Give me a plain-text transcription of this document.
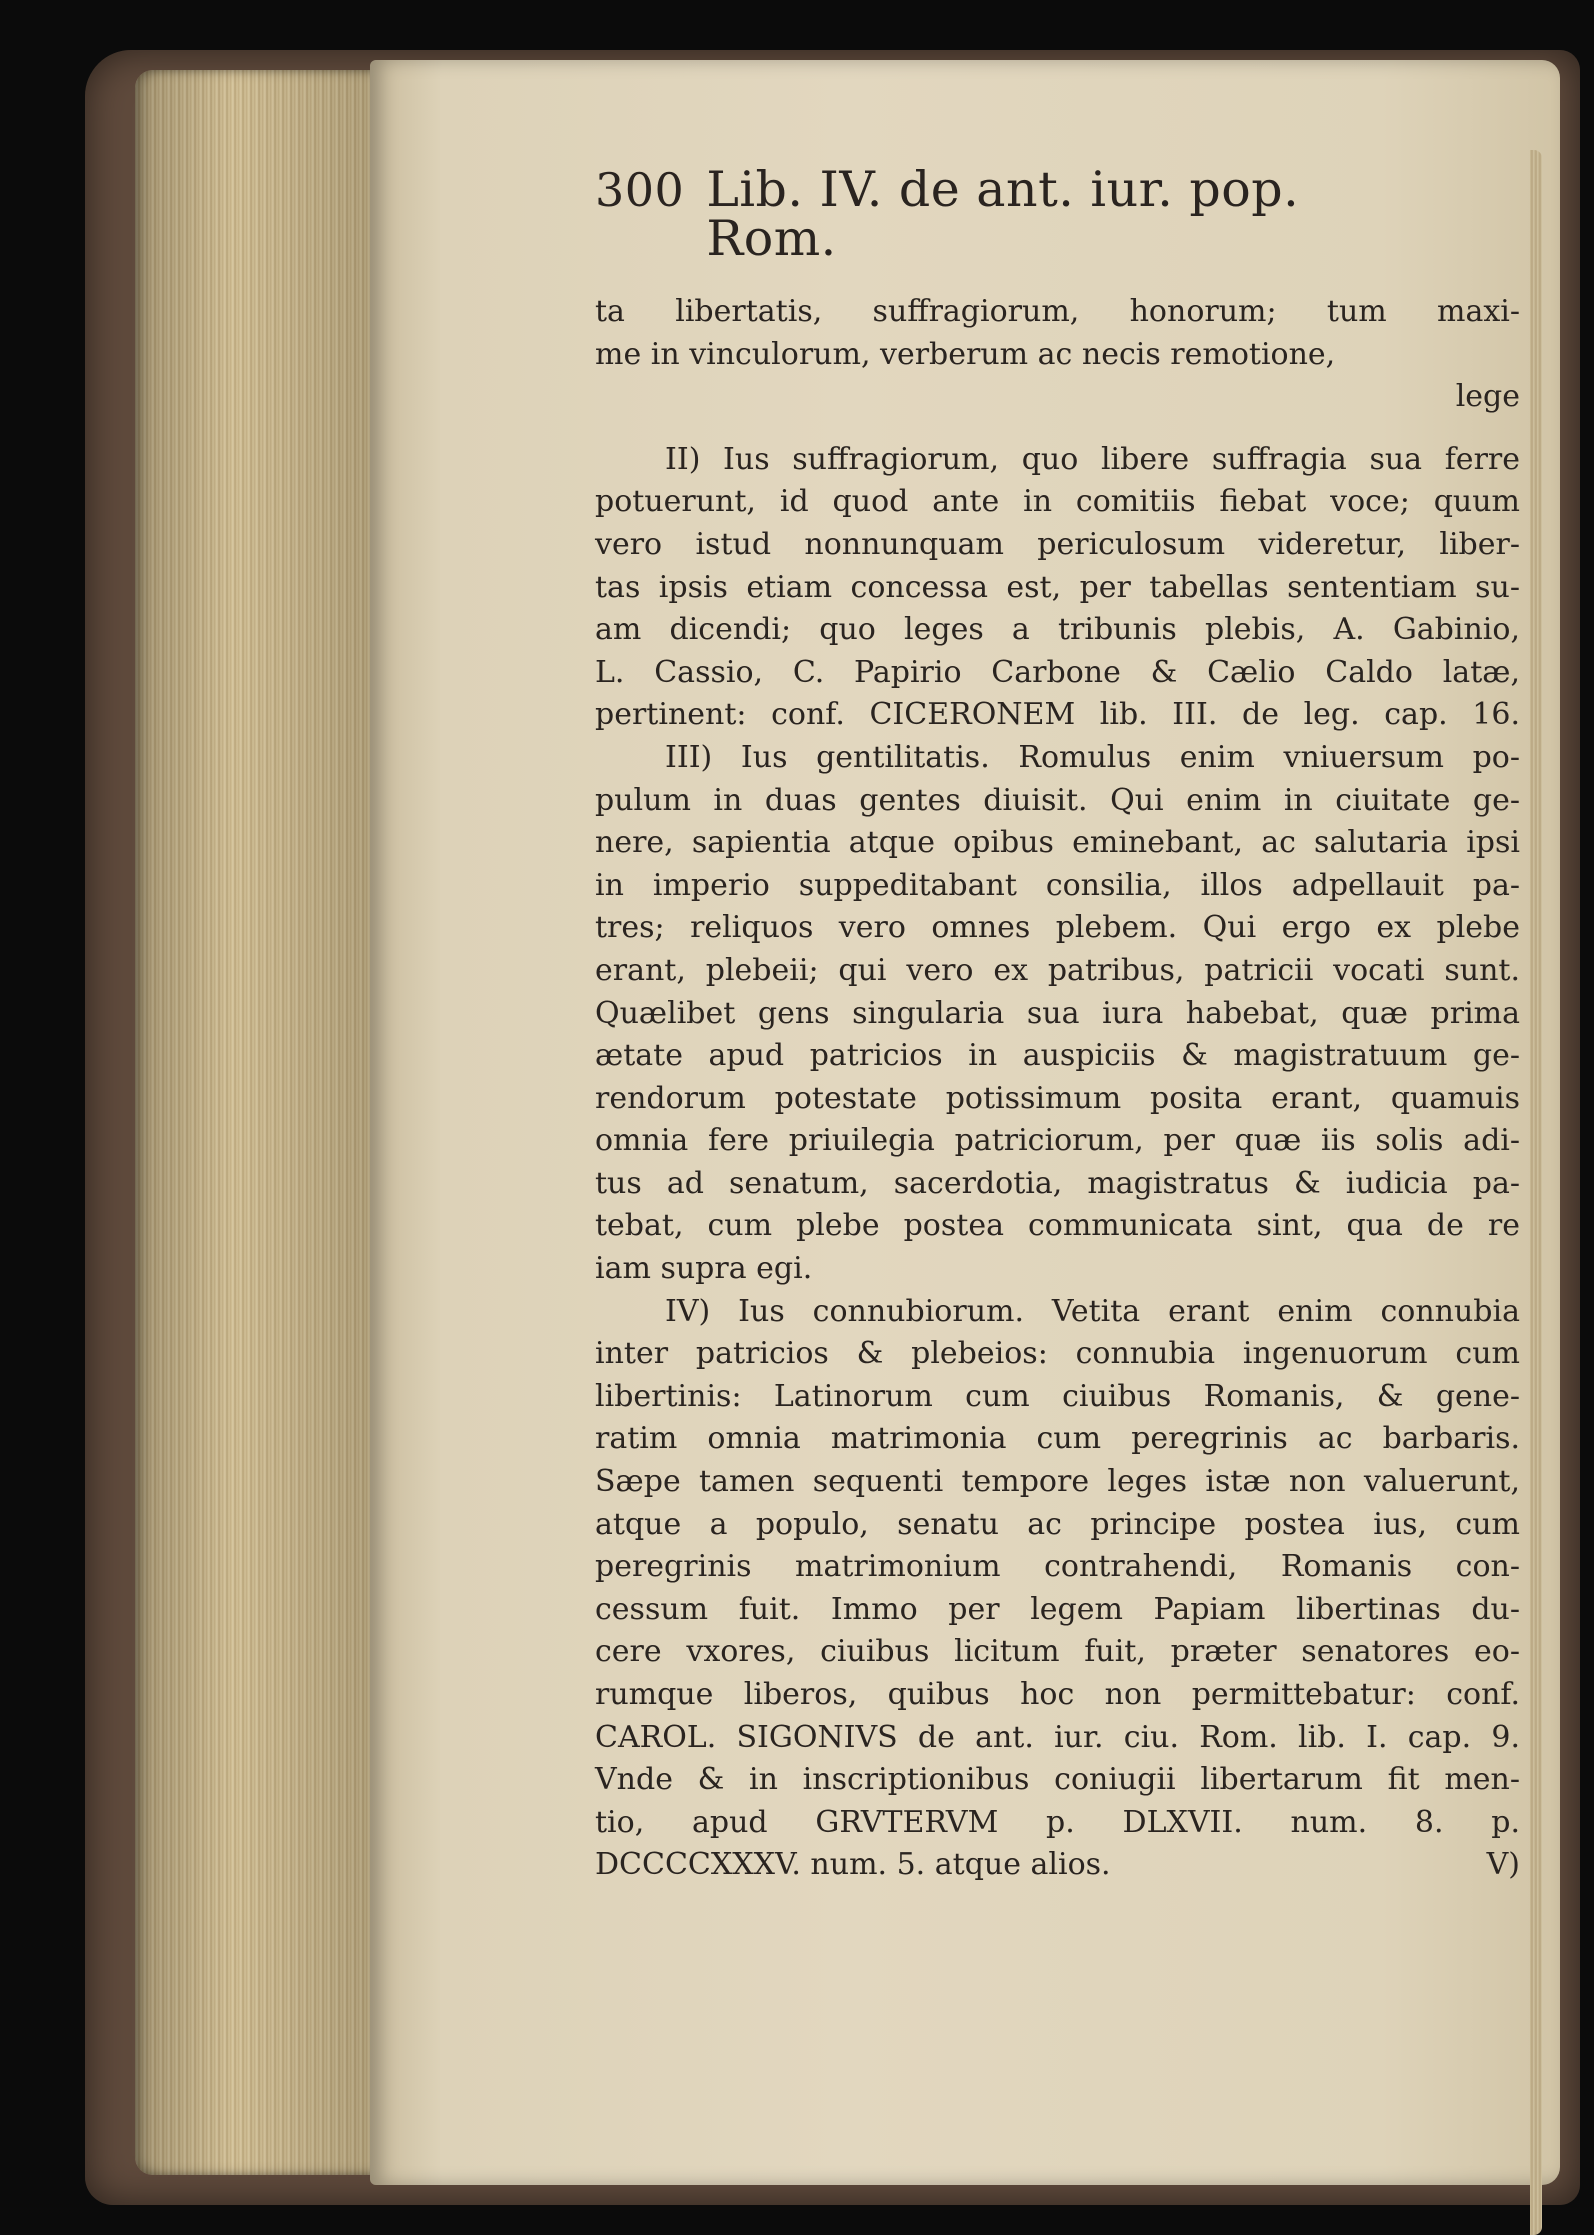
300 Lib. IV. de ant. iur. pop. Rom.

ta libertatis, suffragiorum, honorum; tum maxi-
me in vinculorum, verberum ac necis remotione,
lege

II) Ius suffragiorum, quo libere suffragia sua ferre
potuerunt, id quod ante in comitiis fiebat voce; quum
vero istud nonnunquam periculosum videretur, liber-
tas ipsis etiam concessa est, per tabellas sententiam su-
am dicendi; quo leges a tribunis plebis, A. Gabinio,
L. Cassio, C. Papirio Carbone & Cælio Caldo latæ,
pertinent: conf. CICERONEM lib. III. de leg. cap. 16.

III) Ius gentilitatis. Romulus enim vniuersum po-
pulum in duas gentes diuisit. Qui enim in ciuitate ge-
nere, sapientia atque opibus eminebant, ac salutaria ipsi
in imperio suppeditabant consilia, illos adpellauit pa-
tres; reliquos vero omnes plebem. Qui ergo ex plebe
erant, plebeii; qui vero ex patribus, patricii vocati sunt.
Quælibet gens singularia sua iura habebat, quæ prima
ætate apud patricios in auspiciis & magistratuum ge-
rendorum potestate potissimum posita erant, quamuis
omnia fere priuilegia patriciorum, per quæ iis solis adi-
tus ad senatum, sacerdotia, magistratus & iudicia pa-
tebat, cum plebe postea communicata sint, qua de re
iam supra egi.

IV) Ius connubiorum. Vetita erant enim connubia
inter patricios & plebeios: connubia ingenuorum cum
libertinis: Latinorum cum ciuibus Romanis, & gene-
ratim omnia matrimonia cum peregrinis ac barbaris.
Sæpe tamen sequenti tempore leges istæ non valuerunt,
atque a populo, senatu ac principe postea ius, cum
peregrinis matrimonium contrahendi, Romanis con-
cessum fuit. Immo per legem Papiam libertinas du-
cere vxores, ciuibus licitum fuit, præter senatores eo-
rumque liberos, quibus hoc non permittebatur: conf.
CAROL. SIGONIVS de ant. iur. ciu. Rom. lib. I. cap. 9.
Vnde & in inscriptionibus coniugii libertarum fit men-
tio, apud GRVTERVM p. DLXVII. num. 8. p.
DCCCCXXXV. num. 5. atque alios.	V)
